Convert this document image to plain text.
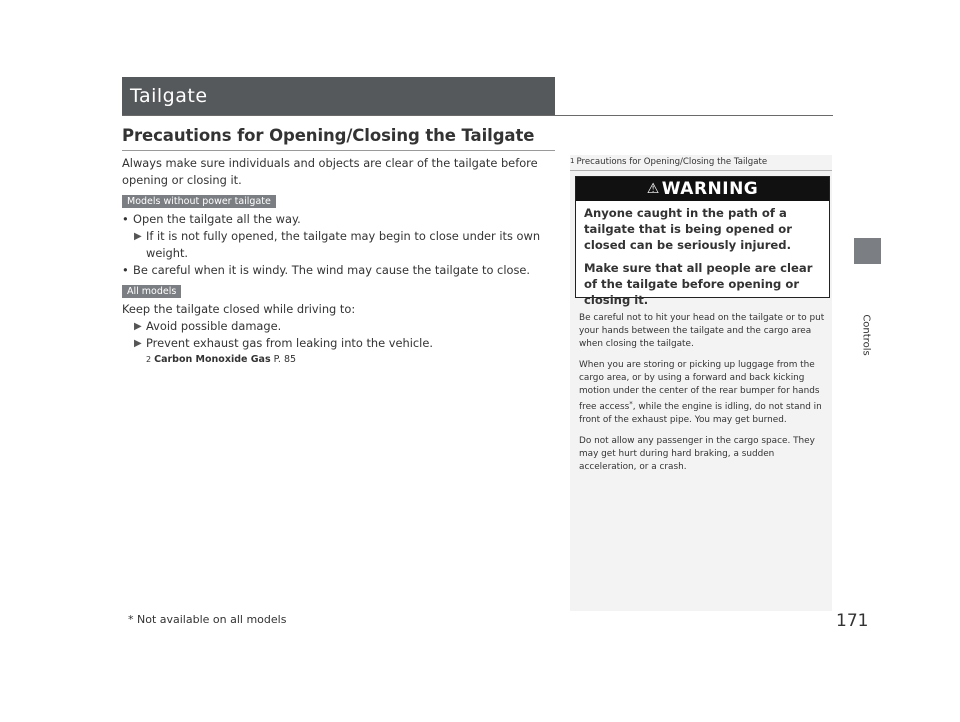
Tailgate
Precautions for Opening/Closing the Tailgate

Always make sure individuals and objects are clear of the tailgate before opening or closing it.

Models without power tailgate

• Open the tailgate all the way.

▶ If it is not fully opened, the tailgate may begin to close under its own weight.

• Be careful when it is windy. The wind may cause the tailgate to close.

All models

Keep the tailgate closed while driving to:

▶ Avoid possible damage.

▶ Prevent exhaust gas from leaking into the vehicle.

2 Carbon Monoxide Gas P. 85

1 Precautions for Opening/Closing the Tailgate
⚠ WARNING

Anyone caught in the path of a tailgate that is being opened or closed can be seriously injured.

Make sure that all people are clear of the tailgate before opening or closing it.

Be careful not to hit your head on the tailgate or to put your hands between the tailgate and the cargo area when closing the tailgate.

When you are storing or picking up luggage from the cargo area, or by using a forward and back kicking motion under the center of the rear bumper for hands free access*, while the engine is idling, do not stand in front of the exhaust pipe. You may get burned.

Do not allow any passenger in the cargo space. They may get hurt during hard braking, a sudden acceleration, or a crash.

Controls
* Not available on all models	171
